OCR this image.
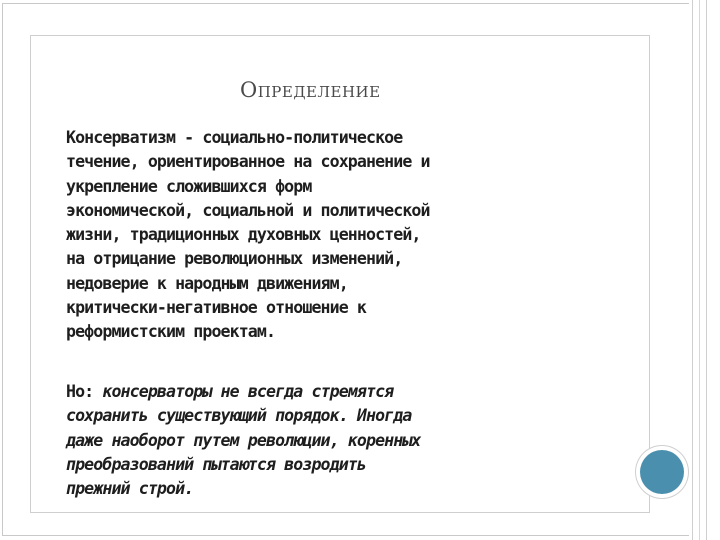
ОПРЕДЕЛЕНИЕ
Консерватизм - социально-политическое
течение, ориентированное на сохранение и
укрепление сложившихся форм
экономической, социальной и политической
жизни, традиционных духовных ценностей,
на отрицание революционных изменений,
недоверие к народным движениям,
критически-негативное отношение к
реформистским проектам.
Но: консерваторы не всегда стремятся
сохранить существующий порядок. Иногда
даже наоборот путем революции, коренных
преобразований пытаются возродить
прежний строй.
